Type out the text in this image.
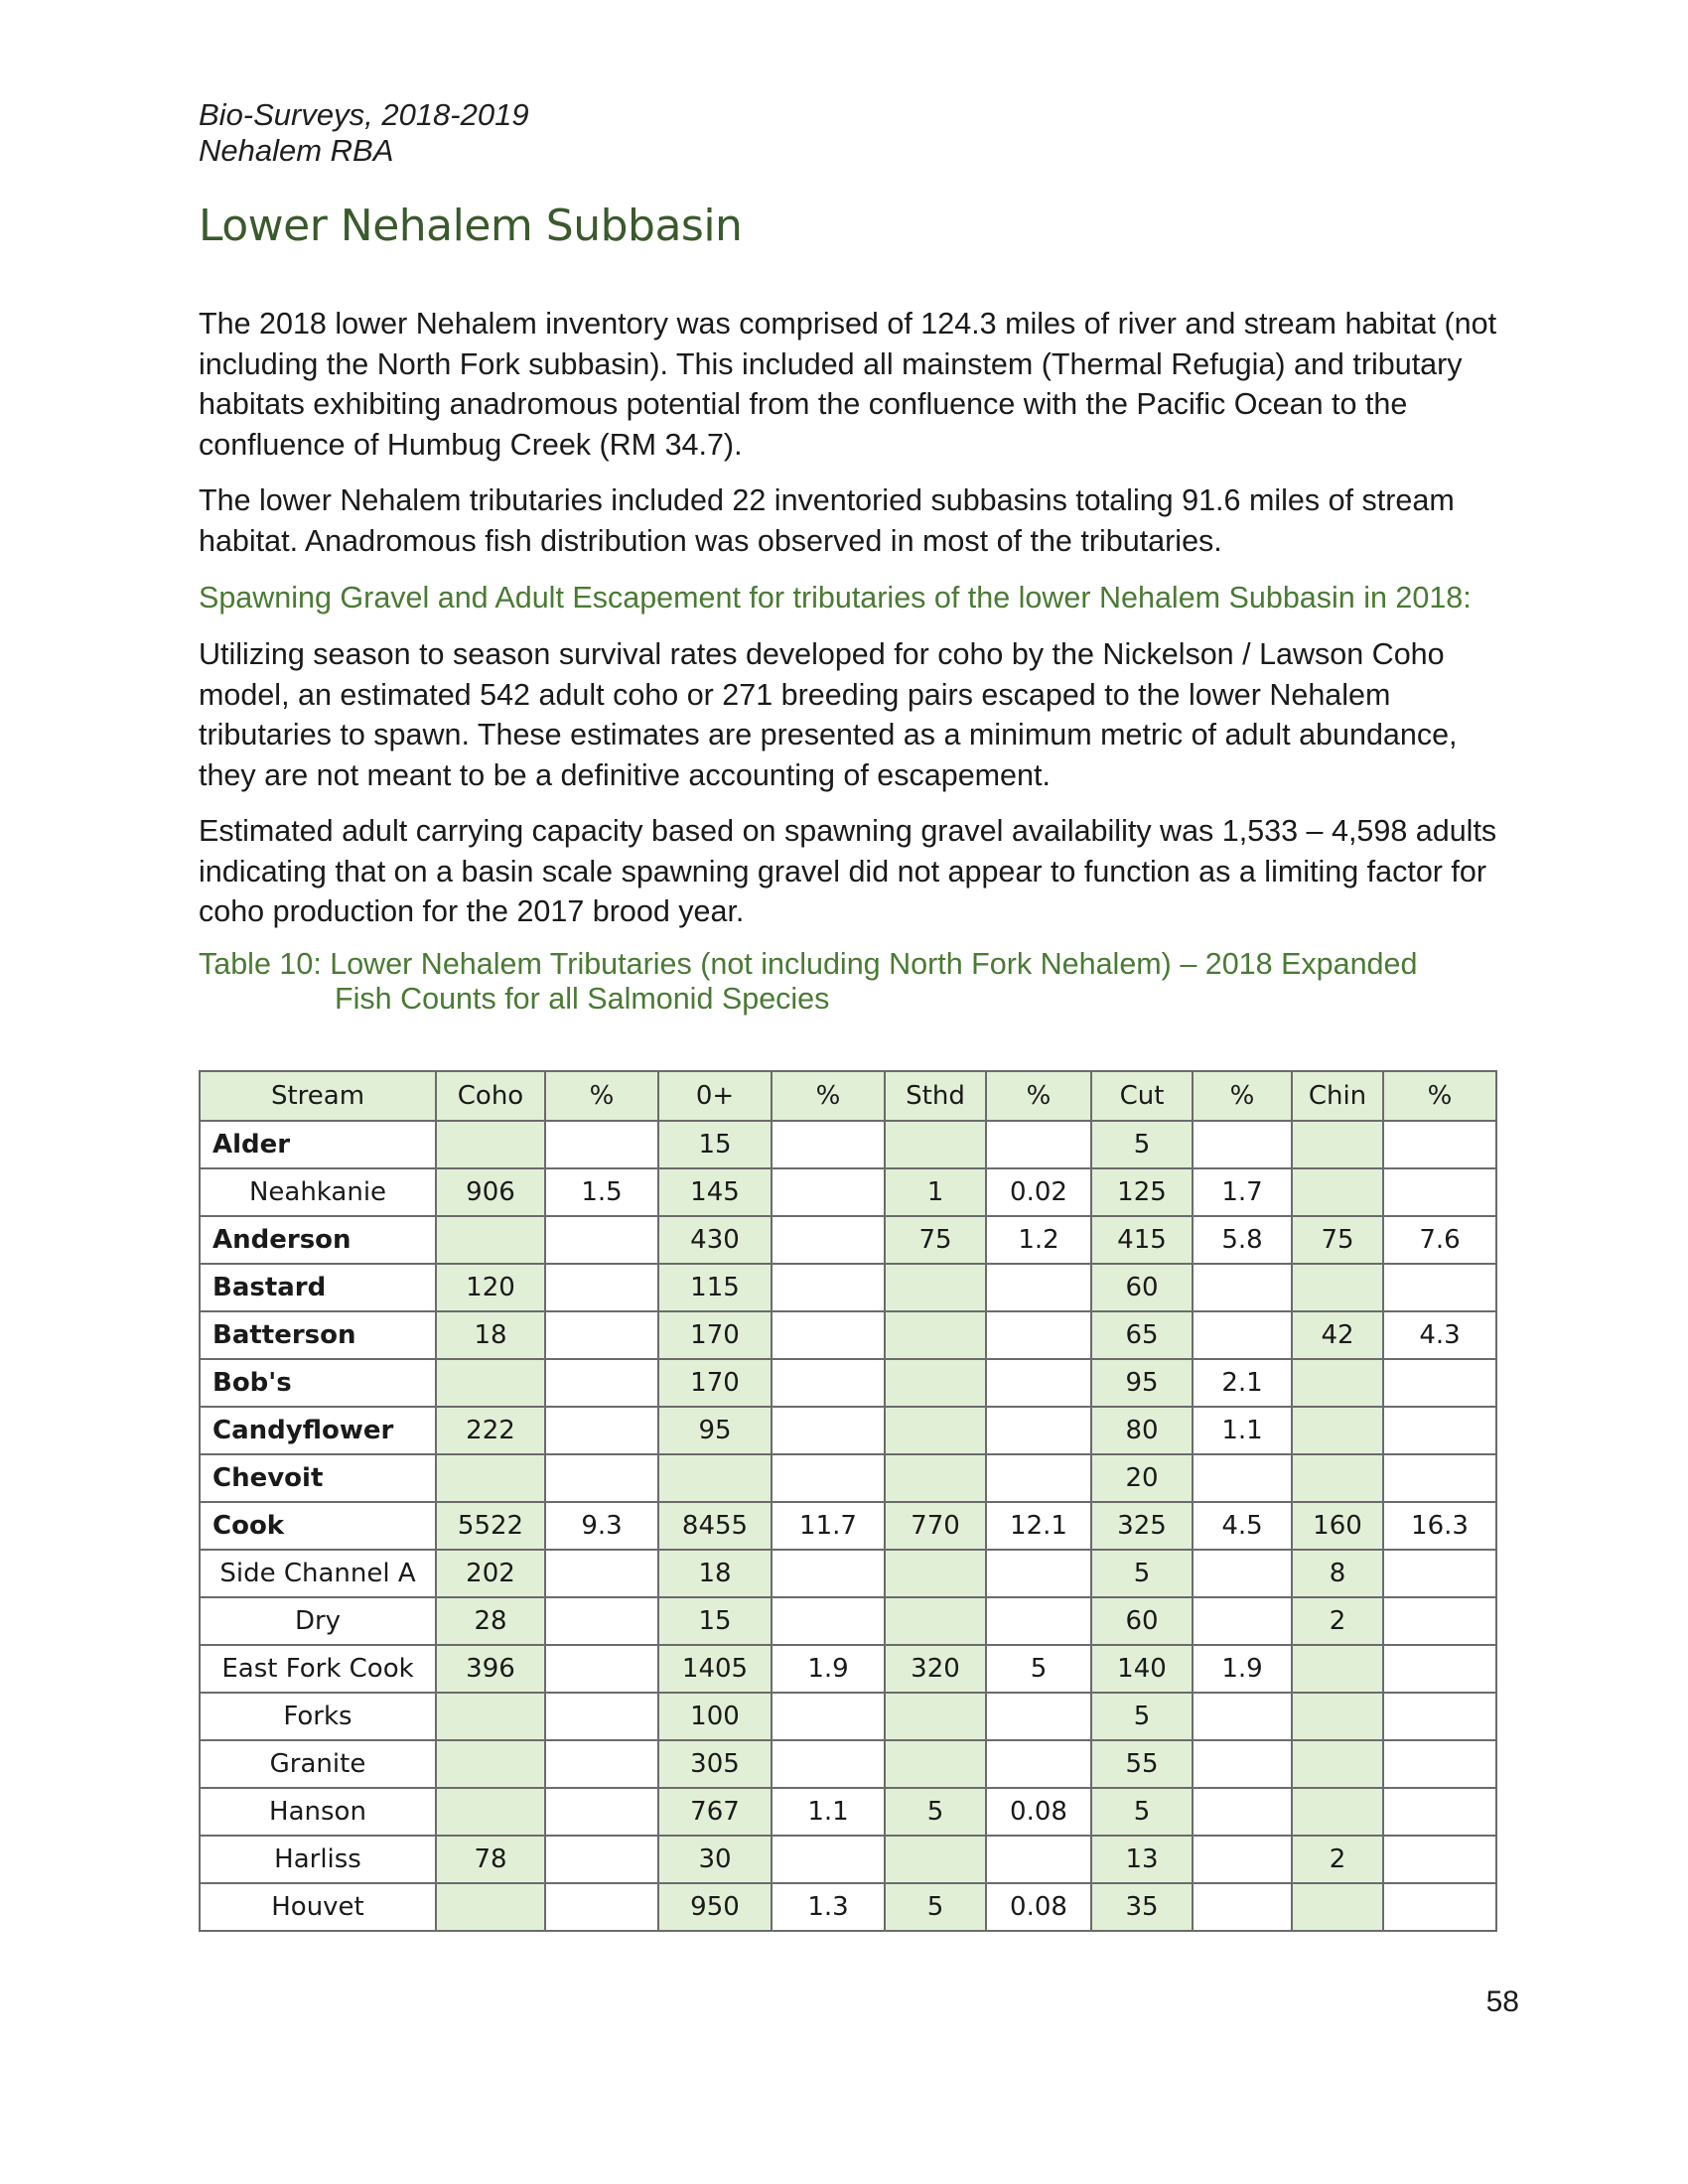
Bio-Surveys, 2018-2019
Nehalem RBA
Lower Nehalem Subbasin

The 2018 lower Nehalem inventory was comprised of 124.3 miles of river and stream habitat (not including the North Fork subbasin). This included all mainstem (Thermal Refugia) and tributary habitats exhibiting anadromous potential from the confluence with the Pacific Ocean to the confluence of Humbug Creek (RM 34.7).

The lower Nehalem tributaries included 22 inventoried subbasins totaling 91.6 miles of stream habitat. Anadromous fish distribution was observed in most of the tributaries.

Spawning Gravel and Adult Escapement for tributaries of the lower Nehalem Subbasin in 2018:

Utilizing season to season survival rates developed for coho by the Nickelson / Lawson Coho model, an estimated 542 adult coho or 271 breeding pairs escaped to the lower Nehalem tributaries to spawn. These estimates are presented as a minimum metric of adult abundance, they are not meant to be a definitive accounting of escapement.

Estimated adult carrying capacity based on spawning gravel availability was 1,533 – 4,598 adults indicating that on a basin scale spawning gravel did not appear to function as a limiting factor for coho production for the 2017 brood year.

Table 10: Lower Nehalem Tributaries (not including North Fork Nehalem) – 2018 Expanded
Fish Counts for all Salmonid Species
Stream	Coho	%	0+	%	Sthd	%	Cut	%	Chin	%
Alder			15				5			
Neahkanie	906	1.5	145		1	0.02	125	1.7		
Anderson			430		75	1.2	415	5.8	75	7.6
Bastard	120		115				60			
Batterson	18		170				65		42	4.3
Bob's			170				95	2.1		
Candyflower	222		95				80	1.1		
Chevoit							20			
Cook	5522	9.3	8455	11.7	770	12.1	325	4.5	160	16.3
Side Channel A	202		18				5		8	
Dry	28		15				60		2	
East Fork Cook	396		1405	1.9	320	5	140	1.9		
Forks			100				5			
Granite			305				55			
Hanson			767	1.1	5	0.08	5			
Harliss	78		30				13		2	
Houvet			950	1.3	5	0.08	35			
58
